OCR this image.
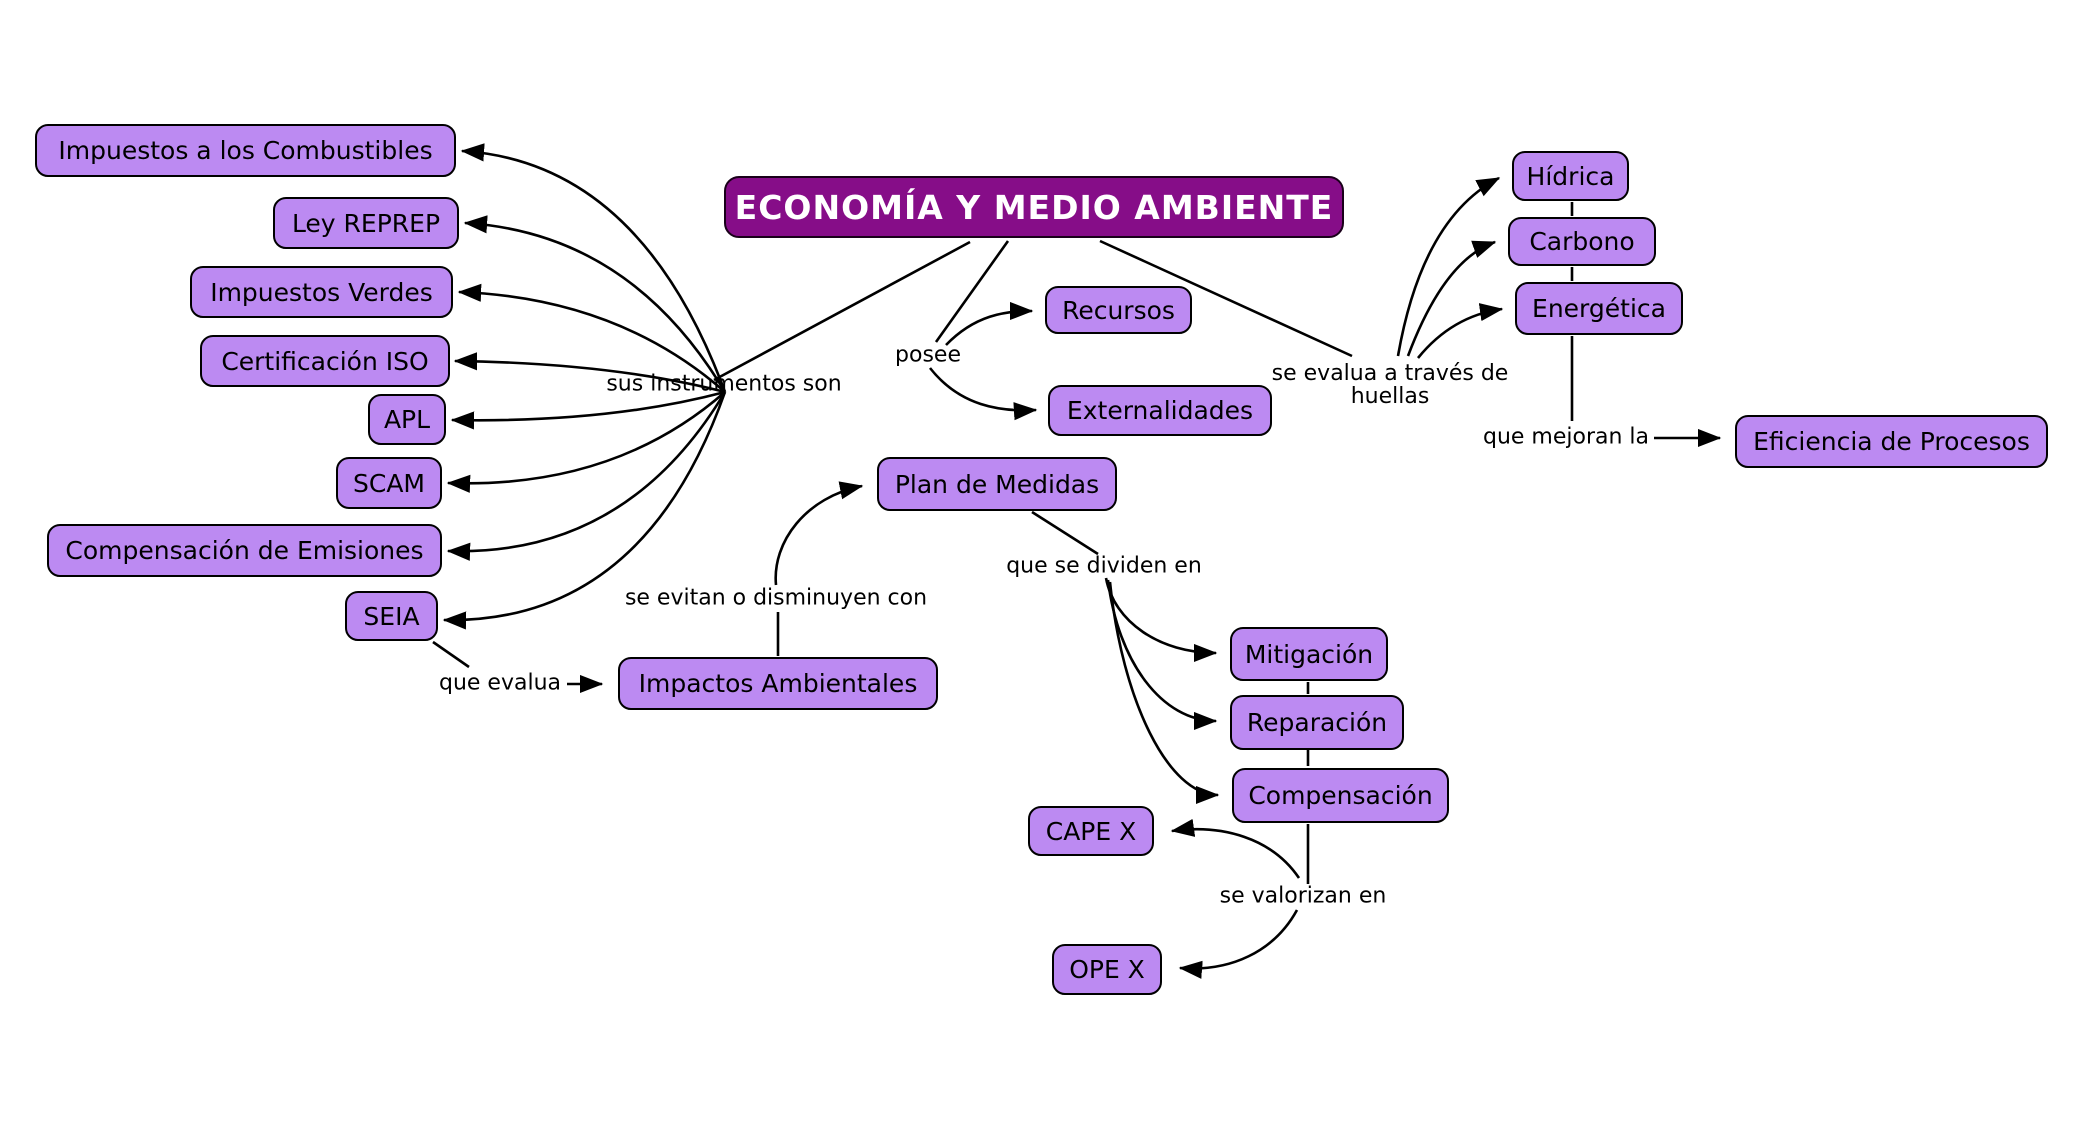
ECONOMÍA Y MEDIO AMBIENTE
Impuestos a los Combustibles
Ley REPREP
Impuestos Verdes
Certificación ISO
APL
SCAM
Compensación de Emisiones
SEIA
Recursos
Externalidades
Hídrica
Carbono
Energética
Eficiencia de Procesos
Plan de Medidas
Mitigación
Reparación
Compensación
CAPE X
OPE X
Impactos Ambientales
sus instrumentos son
posee
se evalua a través de
huellas
que mejoran la
que se dividen en
se evitan o disminuyen con
se valorizan en
que evalua
